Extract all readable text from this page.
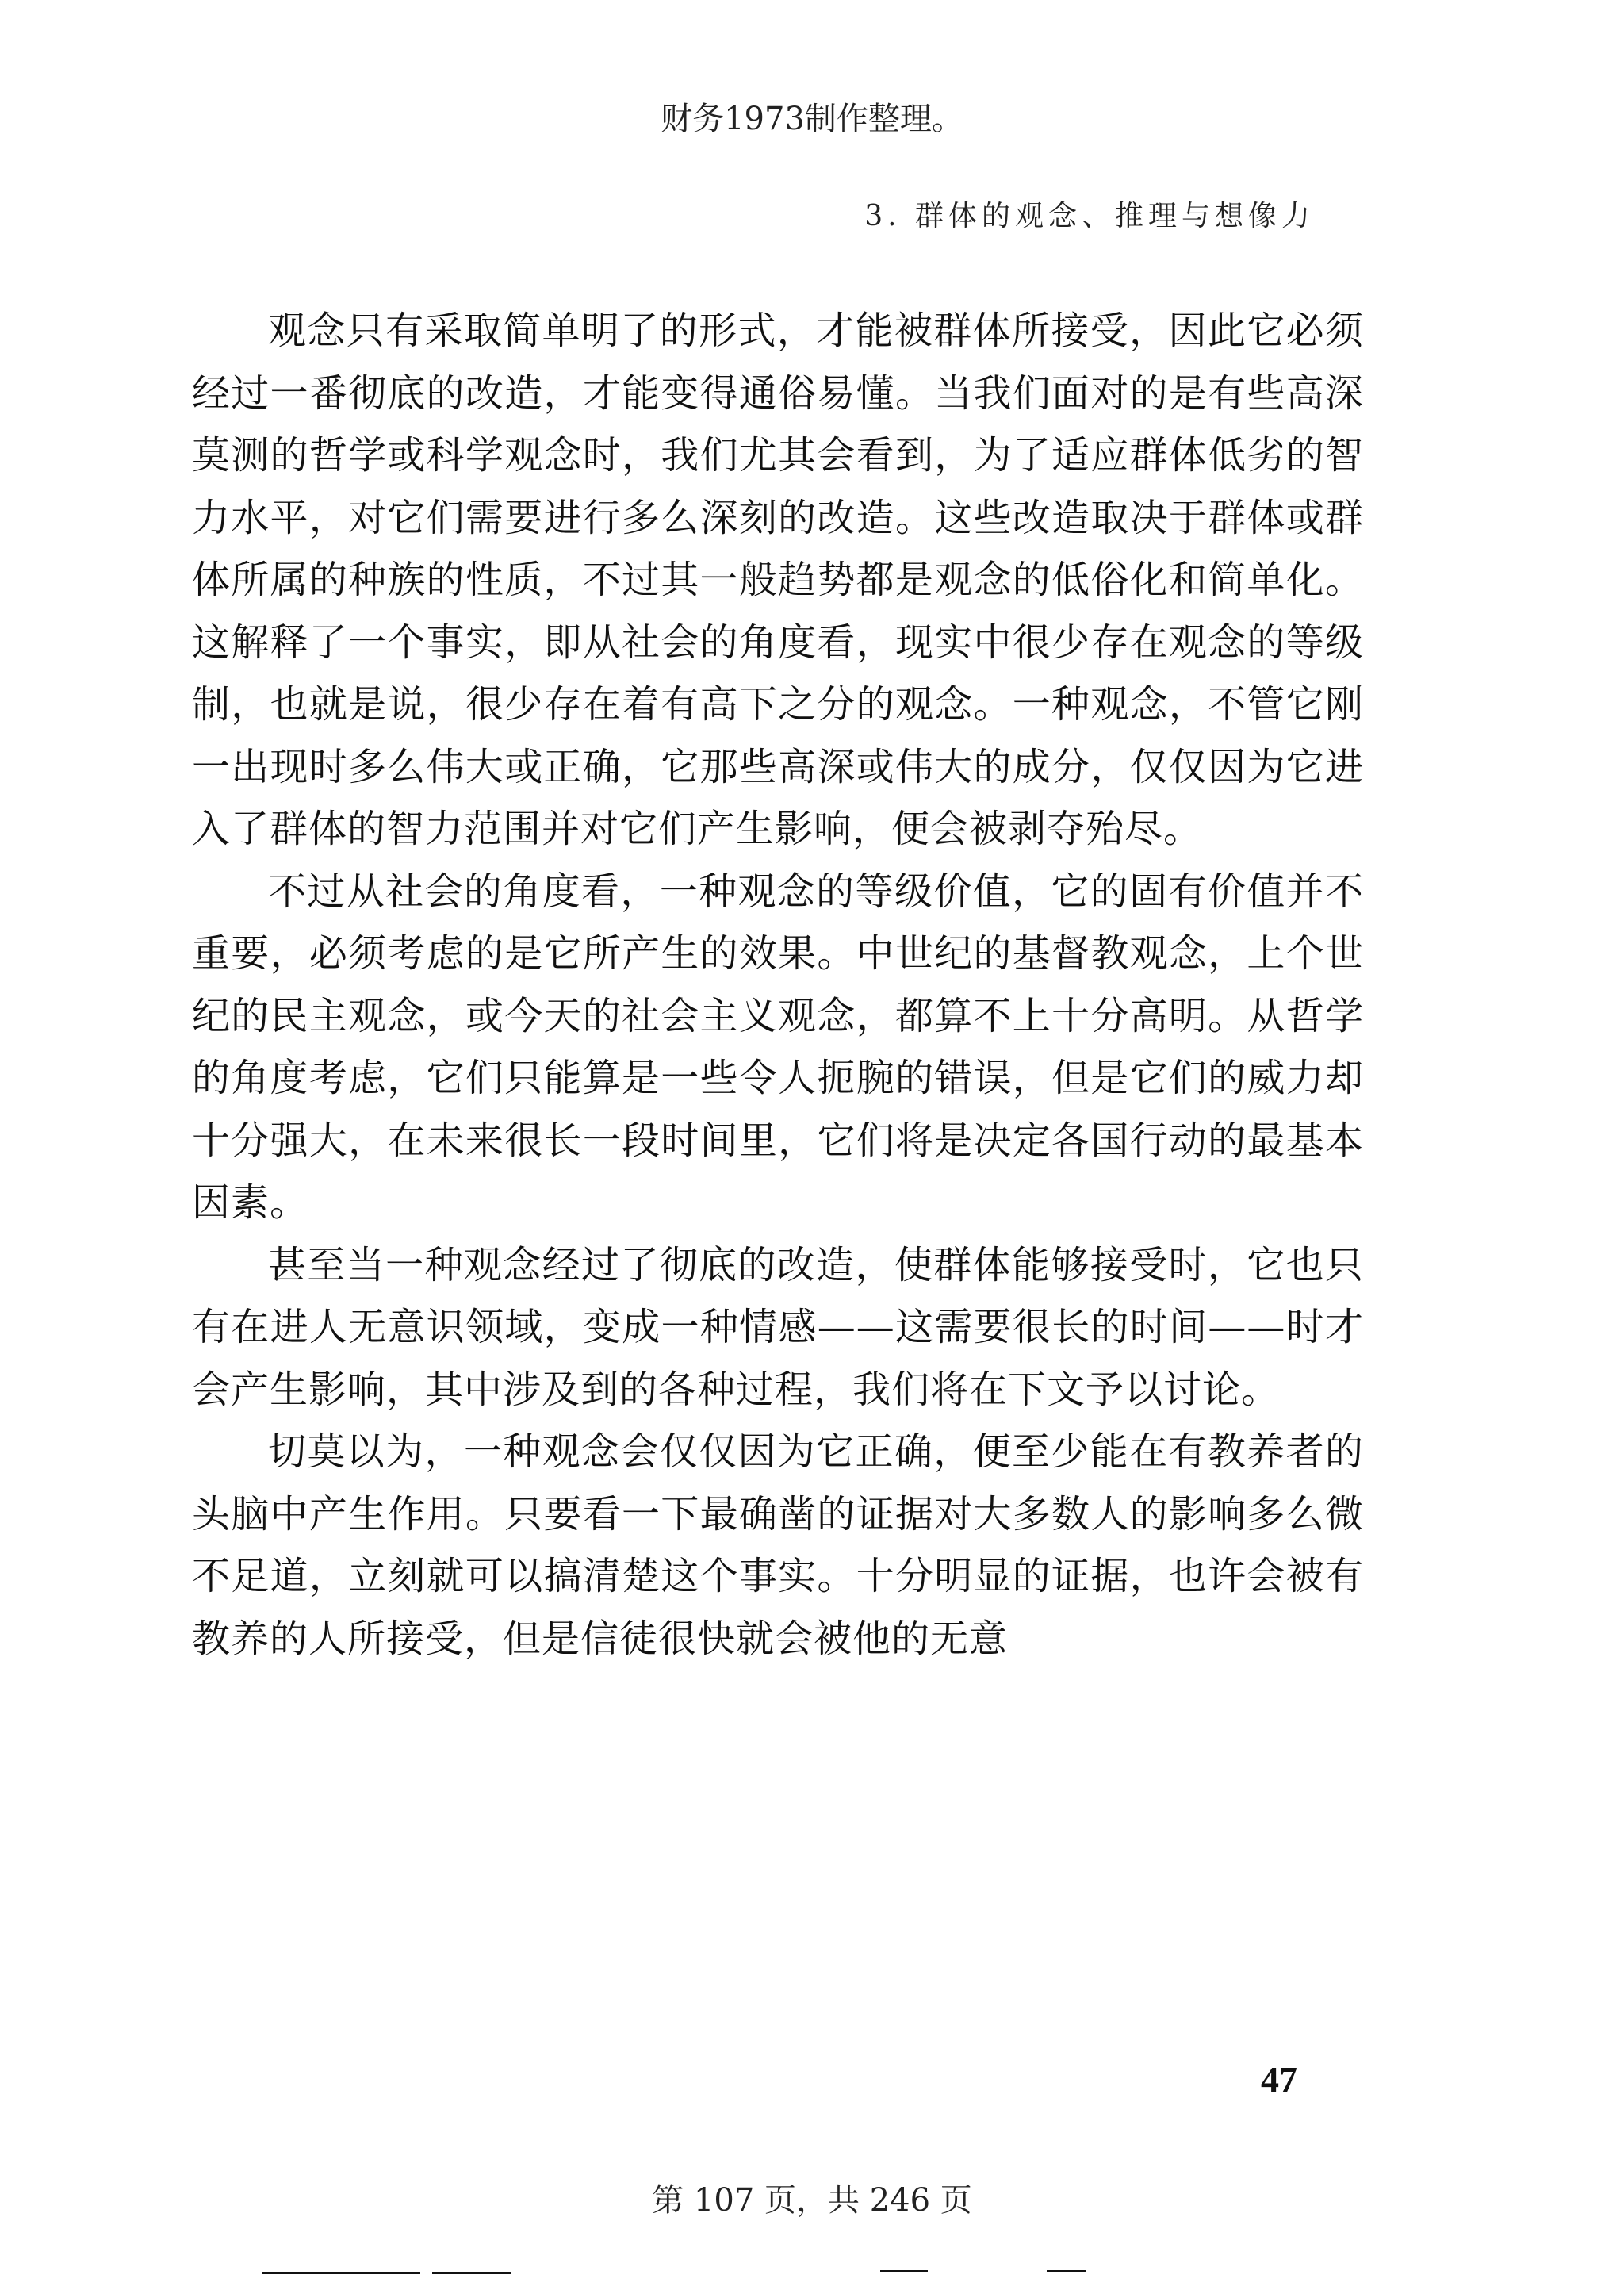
财务1973制作整理。
3. 群体的观念、推理与想像力

观念只有采取简单明了的形式，才能被群体所接受，因此它必须经过一番彻底的改造，才能变得通俗易懂。当我们面对的是有些高深莫测的哲学或科学观念时，我们尤其会看到，为了适应群体低劣的智力水平，对它们需要进行多么深刻的改造。这些改造取决于群体或群体所属的种族的性质，不过其一般趋势都是观念的低俗化和简单化。这解释了一个事实，即从社会的角度看，现实中很少存在观念的等级制，也就是说，很少存在着有高下之分的观念。一种观念，不管它刚一出现时多么伟大或正确，它那些高深或伟大的成分，仅仅因为它进入了群体的智力范围并对它们产生影响，便会被剥夺殆尽。

不过从社会的角度看，一种观念的等级价值，它的固有价值并不重要，必须考虑的是它所产生的效果。中世纪的基督教观念，上个世纪的民主观念，或今天的社会主义观念，都算不上十分高明。从哲学的角度考虑，它们只能算是一些令人扼腕的错误，但是它们的威力却十分强大，在未来很长一段时间里，它们将是决定各国行动的最基本因素。

甚至当一种观念经过了彻底的改造，使群体能够接受时，它也只有在进人无意识领域，变成一种情感——这需要很长的时间——时才会产生影响，其中涉及到的各种过程，我们将在下文予以讨论。

切莫以为，一种观念会仅仅因为它正确，便至少能在有教养者的头脑中产生作用。只要看一下最确凿的证据对大多数人的影响多么微不足道，立刻就可以搞清楚这个事实。十分明显的证据，也许会被有教养的人所接受，但是信徒很快就会被他的无意

47
第 107 页，共 246 页
